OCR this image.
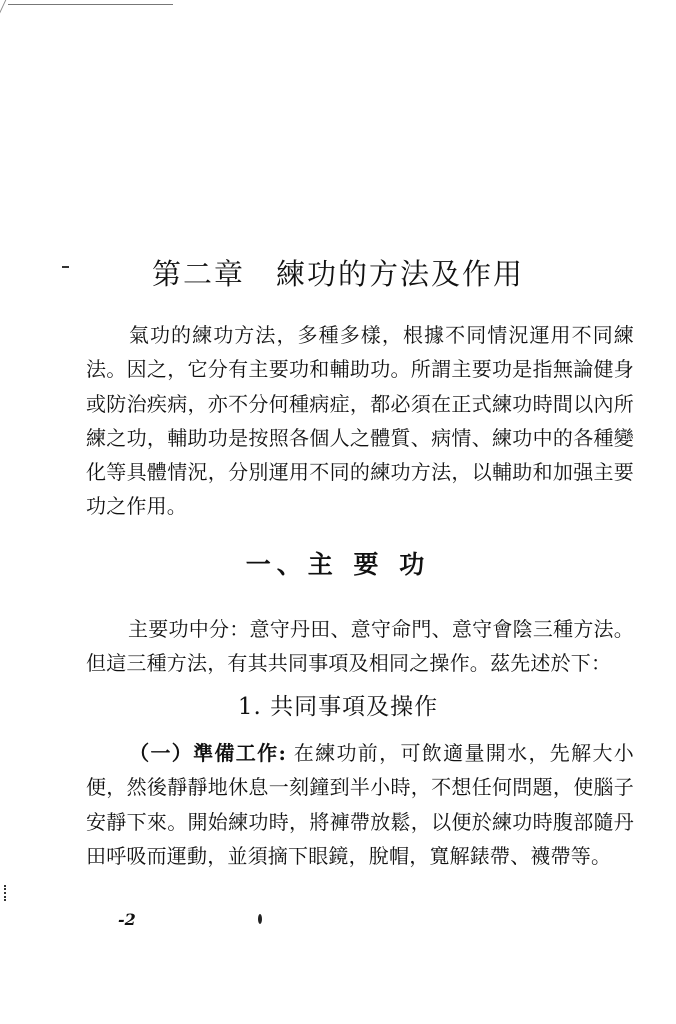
第二章　練功的方法及作用

氣功的練功方法，多種多樣，根據不同情況運用不同練法。因之，它分有主要功和輔助功。所謂主要功是指無論健身或防治疾病，亦不分何種病症，都必須在正式練功時間以內所練之功，輔助功是按照各個人之體質、病情、練功中的各種變化等具體情況，分別運用不同的練功方法，以輔助和加强主要功之作用。

一、主 要 功

主要功中分：意守丹田、意守命門、意守會陰三種方法。但這三種方法，有其共同事項及相同之操作。茲先述於下：

1. 共同事項及操作

（一）準備工作: 在練功前，可飲適量開水，先解大小便，然後靜靜地休息一刻鐘到半小時，不想任何問題，使腦子安靜下來。開始練功時，將褲帶放鬆，以便於練功時腹部隨丹田呼吸而運動，並須摘下眼鏡，脫帽，寬解錶帶、襪帶等。

-2
